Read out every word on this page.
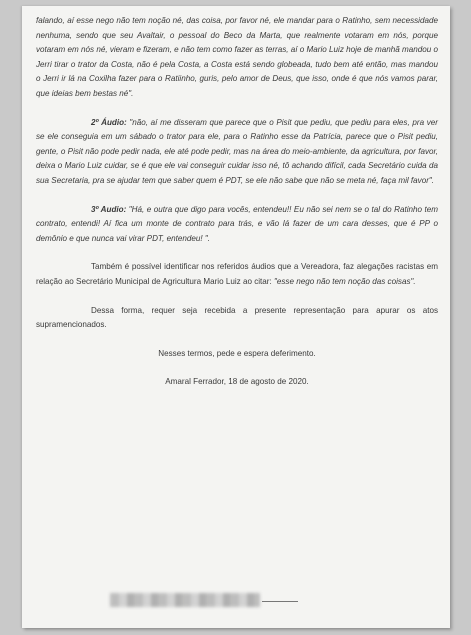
falando, aí esse nego não tem noção né, das coisa, por favor né, ele mandar para o Ratinho, sem necessidade nenhuma, sendo que seu Avaltair, o pessoal do Beco da Marta, que realmente votaram em nós, porque votaram em nós né, vieram e fizeram, e não tem como fazer as terras, aí o Mario Luiz hoje de manhã mandou o Jerri tirar o trator da Costa, não é pela Costa, a Costa está sendo globeada, tudo bem até então, mas mandou o Jerri ir lá na Coxilha fazer para o Ratiinho, guris, pelo amor de Deus, que isso, onde é que nós vamos parar, que ideias bem bestas né".

2º Áudio: "não, aí me disseram que parece que o Pisit que pediu, que pediu para eles, pra ver se ele conseguia em um sábado o trator para ele, para o Ratinho esse da Patrícia, parece que o Pisit pediu, gente, o Pisit não pode pedir nada, ele até pode pedir, mas na área do meio-ambiente, da agricultura, por favor, deixa o Mario Luiz cuidar, se é que ele vai conseguir cuidar isso né, tô achando difícil, cada Secretário cuida da sua Secretaria, pra se ajudar tem que saber quem é PDT, se ele não sabe que não se meta né, faça mil favor".

3º Audio: "Há, e outra que digo para vocês, entendeu!! Eu não sei nem se o tal do Ratinho tem contrato, entendi! Aí fica um monte de contrato para trás, e vão lá fazer de um cara desses, que é PP o demônio e que nunca vai virar PDT, entendeu! ".

Também é possível identificar nos referidos áudios que a Vereadora, faz alegações racistas em relação ao Secretário Municipal de Agricultura Mario Luiz ao citar: "esse nego não tem noção das coisas".

Dessa forma, requer seja recebida a presente representação para apurar os atos supramencionados.

Nesses termos, pede e espera deferimento.

Amaral Ferrador, 18 de agosto de 2020.
